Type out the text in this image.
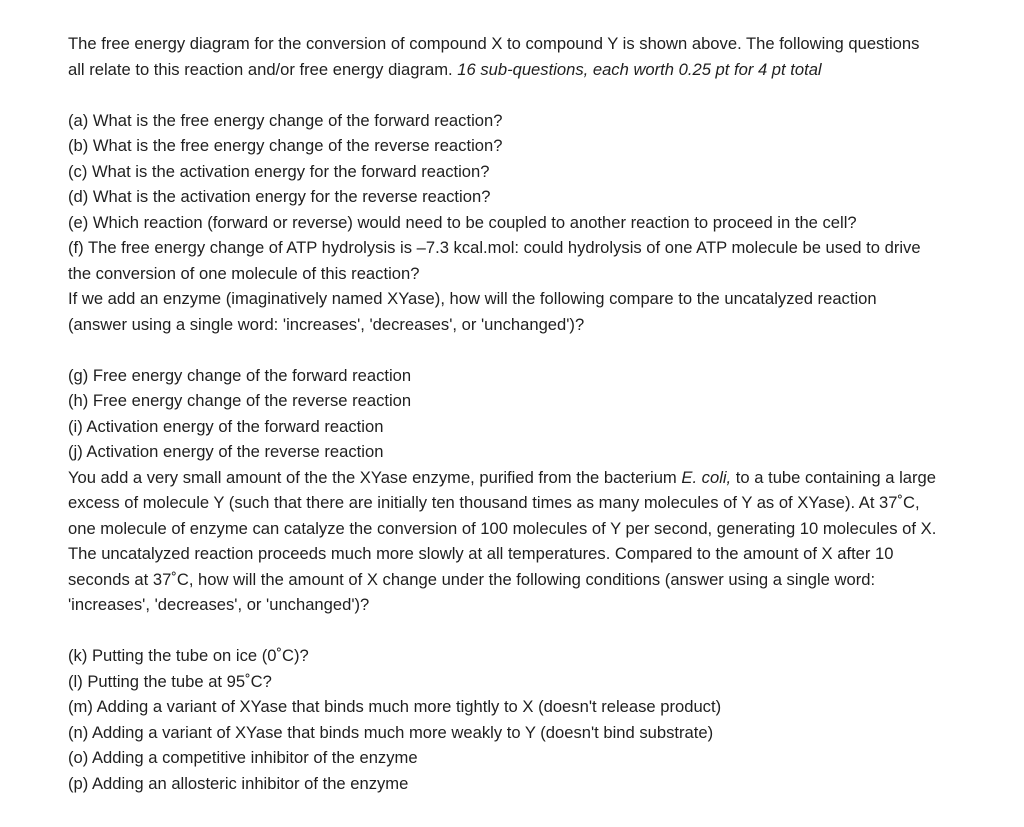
The free energy diagram for the conversion of compound X to compound Y is shown above. The following questions all relate to this reaction and/or free energy diagram. 16 sub-questions, each worth 0.25 pt for 4 pt total

(a) What is the free energy change of the forward reaction?

(b) What is the free energy change of the reverse reaction?

(c) What is the activation energy for the forward reaction?

(d) What is the activation energy for the reverse reaction?

(e) Which reaction (forward or reverse) would need to be coupled to another reaction to proceed in the cell?

(f) The free energy change of ATP hydrolysis is –7.3 kcal.mol: could hydrolysis of one ATP molecule be used to drive the conversion of one molecule of this reaction?

If we add an enzyme (imaginatively named XYase), how will the following compare to the uncatalyzed reaction (answer using a single word: 'increases', 'decreases', or 'unchanged')?

(g) Free energy change of the forward reaction

(h) Free energy change of the reverse reaction

(i) Activation energy of the forward reaction

(j) Activation energy of the reverse reaction

You add a very small amount of the the XYase enzyme, purified from the bacterium E. coli, to a tube containing a large excess of molecule Y (such that there are initially ten thousand times as many molecules of Y as of XYase). At 37˚C, one molecule of enzyme can catalyze the conversion of 100 molecules of Y per second, generating 10 molecules of X. The uncatalyzed reaction proceeds much more slowly at all temperatures. Compared to the amount of X after 10 seconds at 37˚C, how will the amount of X change under the following conditions (answer using a single word: 'increases', 'decreases', or 'unchanged')?

(k) Putting the tube on ice (0˚C)?

(l) Putting the tube at 95˚C?

(m) Adding a variant of XYase that binds much more tightly to X (doesn't release product)

(n) Adding a variant of XYase that binds much more weakly to Y (doesn't bind substrate)

(o) Adding a competitive inhibitor of the enzyme

(p) Adding an allosteric inhibitor of the enzyme
